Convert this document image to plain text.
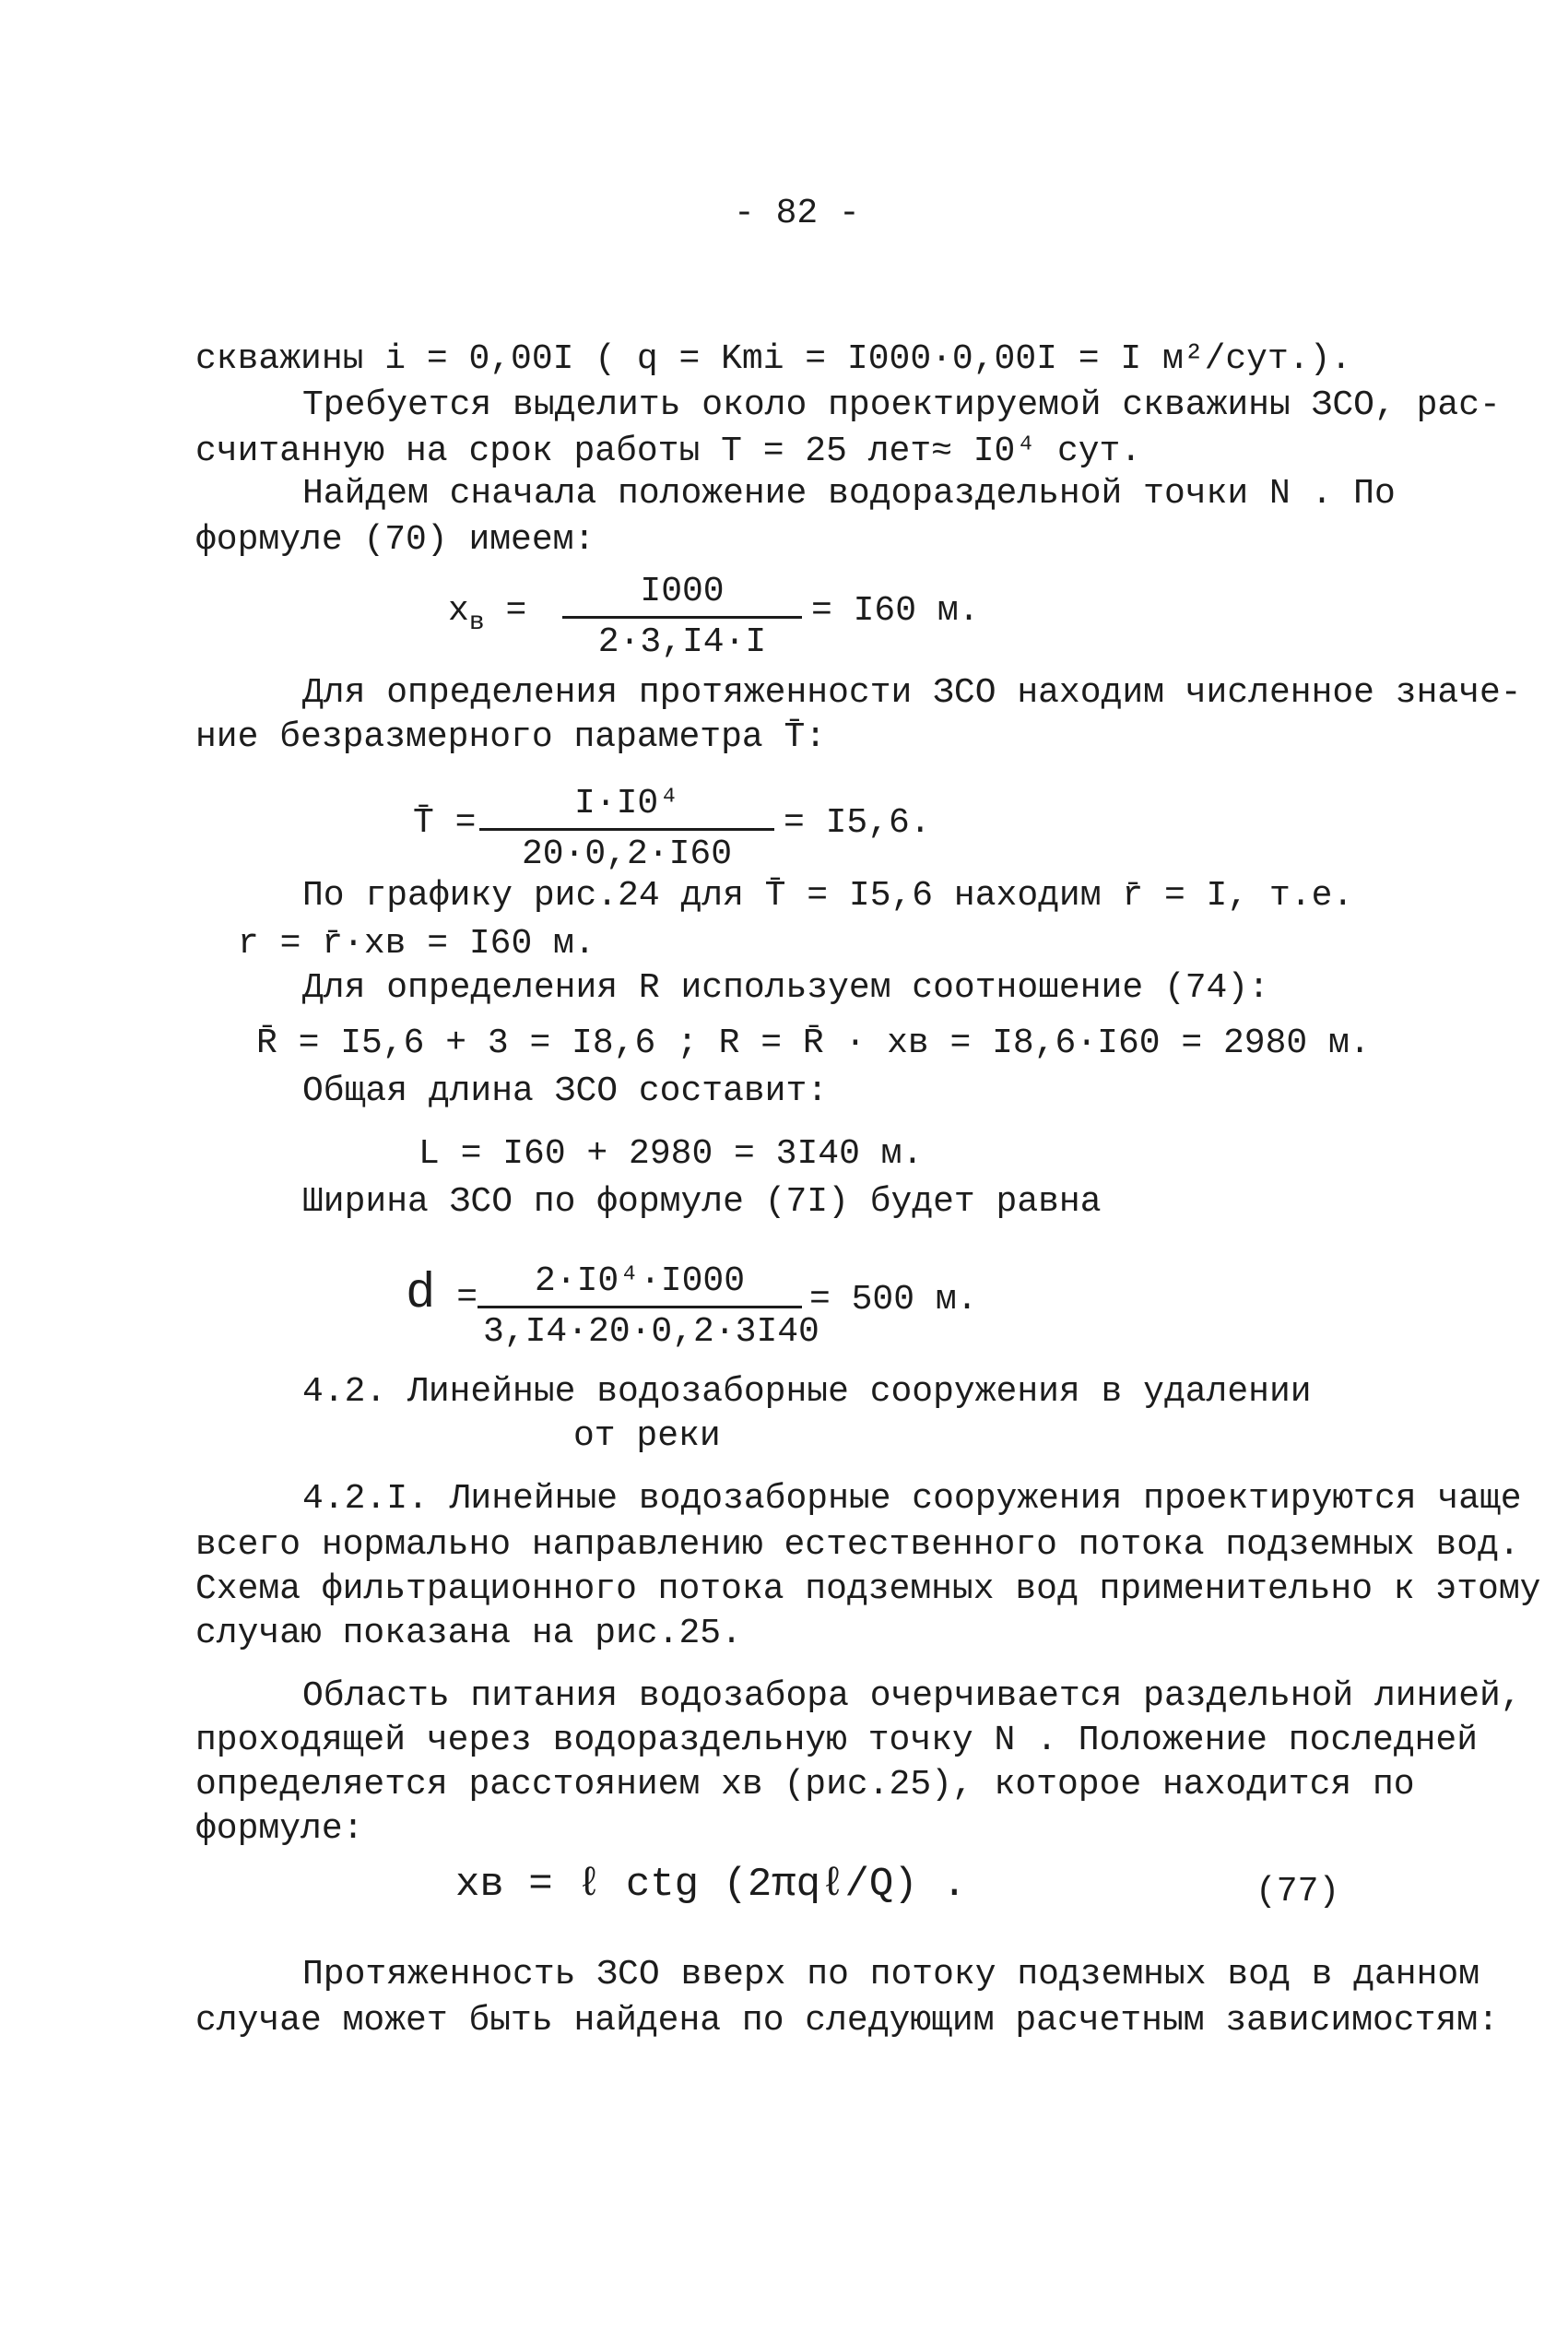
- 82 -
скважины i = 0,00I ( q = Kmi = I000·0,00I = I м²/сут.).
Требуется выделить около проектируемой скважины ЗСО, рас-
считанную на срок работы T = 25 лет≈ I0⁴ сут.
Найдем сначала положение водораздельной точки N . По
формуле (70) имеем:
$x_в$ =	I000
2·3,I4·I
= I60 м.
Для определения протяженности ЗСО находим численное значе-
ние безразмерного параметра T̄:
T̄ =	I·I0⁴
20·0,2·I60
= I5,6.
По графику рис.24 для T̄ = I5,6 находим r̄ = I, т.е.
r = r̄·xв = I60 м.
Для определения R используем соотношение (74):
R̄ = I5,6 + 3 = I8,6 ; R = R̄ · xв = I8,6·I60 = 2980 м.
Общая длина ЗСО составит:
L = I60 + 2980 = 3I40 м.
Ширина ЗСО по формуле (7I) будет равна
d =	2·I0⁴·I000
3,I4·20·0,2·3I40
= 500 м.
4.2. Линейные водозаборные сооружения в удалении
от реки
4.2.I. Линейные водозаборные сооружения проектируются чаще
всего нормально направлению естественного потока подземных вод.
Схема фильтрационного потока подземных вод применительно к этому
случаю показана на рис.25.
Область питания водозабора очерчивается раздельной линией,
проходящей через водораздельную точку N . Положение последней
определяется расстоянием xв (рис.25), которое находится по
формуле:
xв = ℓ ctg (2πqℓ/Q) .	(77)
Протяженность ЗСО вверх по потоку подземных вод в данном
случае может быть найдена по следующим расчетным зависимостям:
